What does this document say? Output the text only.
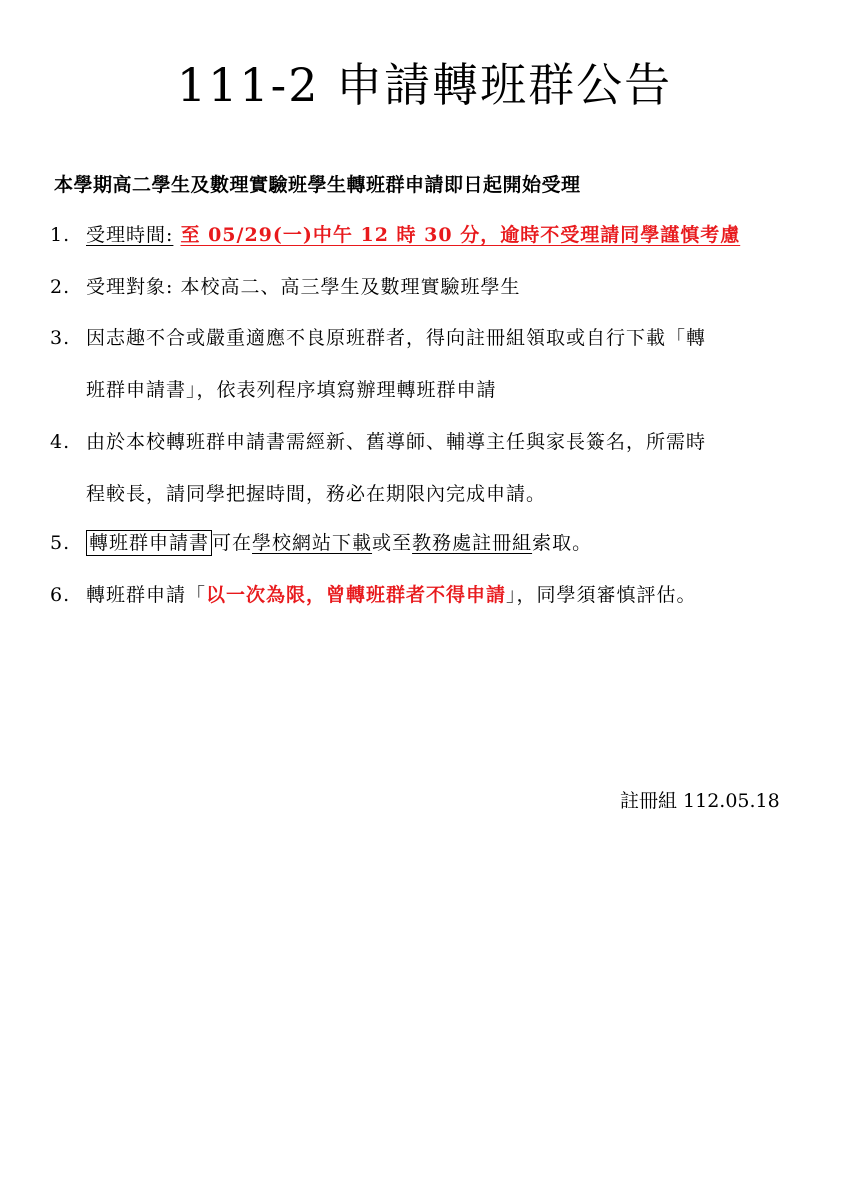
111-2 申請轉班群公告
本學期高二學生及數理實驗班學生轉班群申請即日起開始受理
1. 受理時間: 至 05/29(一)中午 12 時 30 分，逾時不受理請同學謹慎考慮
2. 受理對象: 本校高二、高三學生及數理實驗班學生
3. 因志趣不合或嚴重適應不良原班群者，得向註冊組領取或自行下載「轉
班群申請書」，依表列程序填寫辦理轉班群申請
4. 由於本校轉班群申請書需經新、舊導師、輔導主任與家長簽名，所需時
程較長，請同學把握時間，務必在期限內完成申請。
5. 轉班群申請書 可在學校網站下載或至教務處註冊組索取。
6. 轉班群申請「以一次為限，曾轉班群者不得申請」，同學須審慎評估。
註冊組 112.05.18
